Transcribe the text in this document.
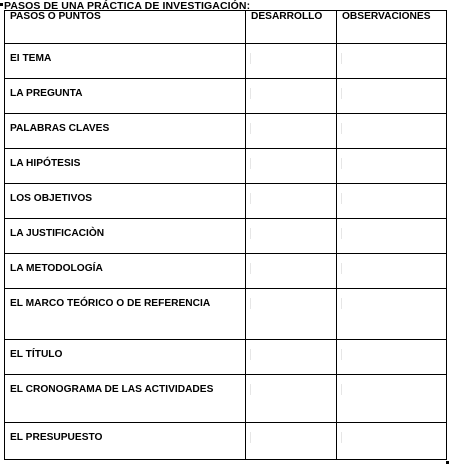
PASOS DE UNA PRÁCTICA DE INVESTIGACIÓN:
PASOS O PUNTOS	DESARROLLO	OBSERVACIONES

EI TEMA		

LA PREGUNTA		

PALABRAS CLAVES		

LA HIPÓTESIS		

LOS OBJETIVOS		

LA JUSTIFICACIÒN		

LA METODOLOGÍA		

EL MARCO TEÓRICO O DE REFERENCIA		

EL TÍTULO		

EL CRONOGRAMA DE LAS ACTIVIDADES		

EL PRESUPUESTO		
